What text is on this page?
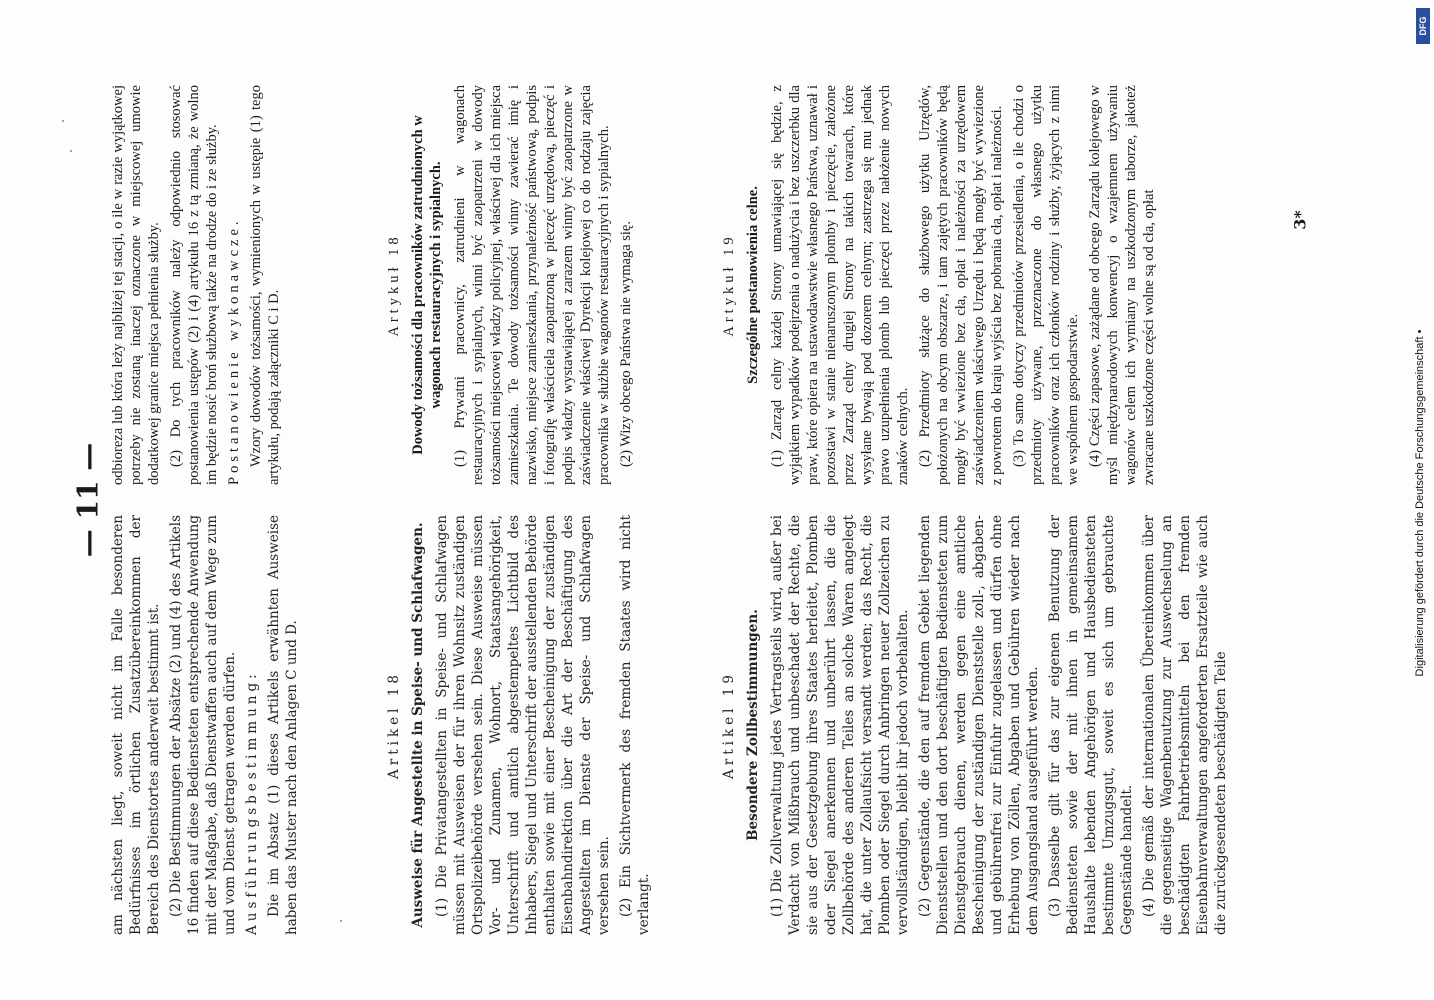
— 11 —

am nächsten liegt, soweit nicht im Falle besonderen Bedürfnisses im örtlichen Zusatzübereinkommen der Bereich des Dienstortes anderweit bestimmt ist. (2) Die Bestimmungen der Absätze (2) und (4) des Artikels 16 finden auf diese Bediensteten entsprechende Anwendung mit der Maßgabe, daß Dienstwaffen auch auf dem Wege zum und vom Dienst getragen werden dürfen. Ausführungsbestimmung: Die im Absatz (1) dieses Artikels erwähnten Ausweise haben das Muster nach den Anlagen C und D.	Artikel 18 Ausweise für Angestellte in Speise- und Schlafwagen. (1) Die Privatangestellten in Speise- und Schlafwagen müssen mit Ausweisen der für ihren Wohnsitz zuständigen Ortspolizeibehörde versehen sein. Diese Ausweise müssen Vor- und Zunamen, Wohnort, Staatsangehörigkeit, Unterschrift und amtlich abgestempeltes Lichtbild des Inhabers, Siegel und Unterschrift der ausstellenden Behörde enthalten sowie mit einer Bescheinigung der zuständigen Eisenbahndirektion über die Art der Beschäftigung des Angestellten im Dienste der Speise- und Schlafwagen versehen sein. (2) Ein Sichtvermerk des fremden Staates wird nicht verlangt.

Artikel 19 Besondere Zollbestimmungen. (1) Die Zollverwaltung jedes Vertragsteils wird, außer bei Verdacht von Mißbrauch und unbeschadet der Rechte, die sie aus der Gesetzgebung ihres Staates herleitet, Plomben oder Siegel anerkennen und unberührt lassen, die die Zollbehörde des anderen Teiles an solche Waren angelegt hat, die unter Zollaufsicht versandt werden; das Recht, die Plomben oder Siegel durch Anbringen neuer Zollzeichen zu vervollständigen, bleibt ihr jedoch vorbehalten. (2) Gegenstände, die den auf fremdem Gebiet liegenden Dienststellen und den dort beschäftigten Bediensteten zum Dienstgebrauch dienen, werden gegen eine amtliche Bescheinigung der zuständigen Dienststelle zoll-, abgaben- und gebührenfrei zur Einfuhr zugelassen und dürfen ohne Erhebung von Zöllen, Abgaben und Gebühren wieder nach dem Ausgangsland ausgeführt werden. (3) Dasselbe gilt für das zur eigenen Benutzung der Bediensteten sowie der mit ihnen in gemeinsamem Haushalte lebenden Angehörigen und Hausbediensteten bestimmte Umzugsgut, soweit es sich um gebrauchte Gegenstände handelt. (4) Die gemäß der internationalen Übereinkommen über die gegenseitige Wagenbenutzung zur Auswechselung an beschädigten Fahrbetriebsmitteln bei den fremden Eisenbahnverwaltungen angeforderten Ersatzteile wie auch die zurückgesendeten beschädigten Teile

odbioreza lub która leży najbliżej tej stacji, o ile w razie wyjątkowej potrzeby nie zostaną inaczej oznaczone w miejscowej umowie dodatkowej granice miejsca pełnienia służby. (2) Do tych pracowników należy odpowiednio stosować postanowienia ustępów (2) i (4) artykułu 16 z tą zmianą, że wolno im będzie nosić broń służbową także na drodze do i ze służby. Postanowienie wykonawcze. Wzory dowodów tożsamości, wymienionych w ustępie (1) tego artykułu, podają załączniki C i D.

Artykuł 18 Dowody tożsamości dla pracowników zatrudnionych w wagonach restauracyjnych i sypialnych. (1) Prywatni pracownicy, zatrudnieni w wagonach restauracyjnych i sypialnych, winni być zaopatrzeni w dowody tożsamości miejscowej władzy policyjnej, właściwej dla ich miejsca zamieszkania. Te dowody tożsamości winny zawierać imię i nazwisko, miejsce zamieszkania, przynależność państwową, podpis i fotografję właściciela zaopatrzoną w pieczęć urzędową, pieczęć i podpis władzy wystawiającej a zarazem winny być zaopatrzone w zaświadczenie właściwej Dyrekcji kolejowej co do rodzaju zajęcia pracownika w służbie wagonów restauracyjnych i sypialnych. (2) Wizy obcego Państwa nie wymaga się.	Artykuł 19 Szczególne postanowienia celne. (1) Zarząd celny każdej Strony umawiającej się będzie, z wyjątkiem wypadków podejrzenia o nadużycia i bez uszczerbku dla praw, które opiera na ustawodawstwie własnego Państwa, uznawał i pozostawi w stanie nienaruszonym plomby i pieczęcie, założone przez Zarząd celny drugiej Strony na takich towarach, które wysyłane bywają pod dozorem celnym; zastrzega się mu jednak prawo uzupełnienia plomb lub pieczęci przez nałożenie nowych znaków celnych. (2) Przedmioty służące do służbowego użytku Urzędów, położonych na obcym obszarze, i tam zajętych pracowników będą mogły być wwiezione bez cła, opłat i należności za urzędowem zaświadczeniem właściwego Urzędu i będą mogły być wywiezione z powrotem do kraju wyjścia bez pobrania cła, opłat i należności. (3) To samo dotyczy przedmiotów przesiedlenia, o ile chodzi o przedmioty używane, przeznaczone do własnego użytku pracowników oraz ich członków rodziny i służby, żyjących z nimi we wspólnem gospodarstwie. (4) Części zapasowe, zażądane od obcego Zarządu kolejowego w myśl międzynarodowych konwencyj o wzajemnem używaniu wagonów celem ich wymiany na uszkodzonym taborze, jakoteż zwracane uszkodzone części wolne są od cła, opłat	3*
Digitalisierung gefördert durch die Deutsche Forschungsgemeinschaft •
DFG
